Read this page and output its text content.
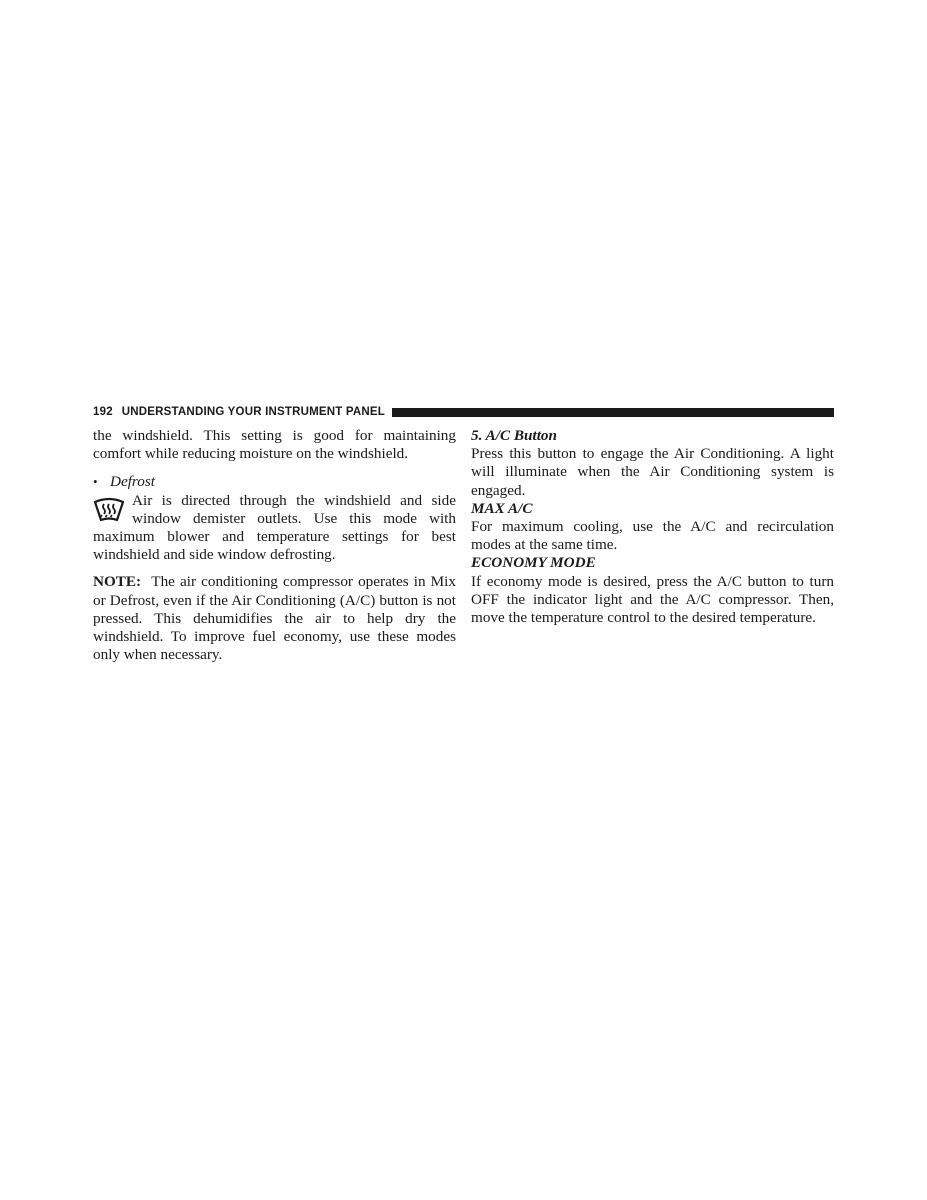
192 UNDERSTANDING YOUR INSTRUMENT PANEL

the windshield. This setting is good for maintaining comfort while reducing moisture on the windshield.

• Defrost

Air is directed through the windshield and side window demister outlets. Use this mode with maximum blower and temperature settings for best windshield and side window defrosting.

NOTE: The air conditioning compressor operates in Mix or Defrost, even if the Air Conditioning (A/C) button is not pressed. This dehumidifies the air to help dry the windshield. To improve fuel economy, use these modes only when necessary.

5. A/C Button

Press this button to engage the Air Conditioning. A light will illuminate when the Air Conditioning system is engaged.

MAX A/C

For maximum cooling, use the A/C and recirculation modes at the same time.

ECONOMY MODE

If economy mode is desired, press the A/C button to turn OFF the indicator light and the A/C compressor. Then, move the temperature control to the desired temperature.
